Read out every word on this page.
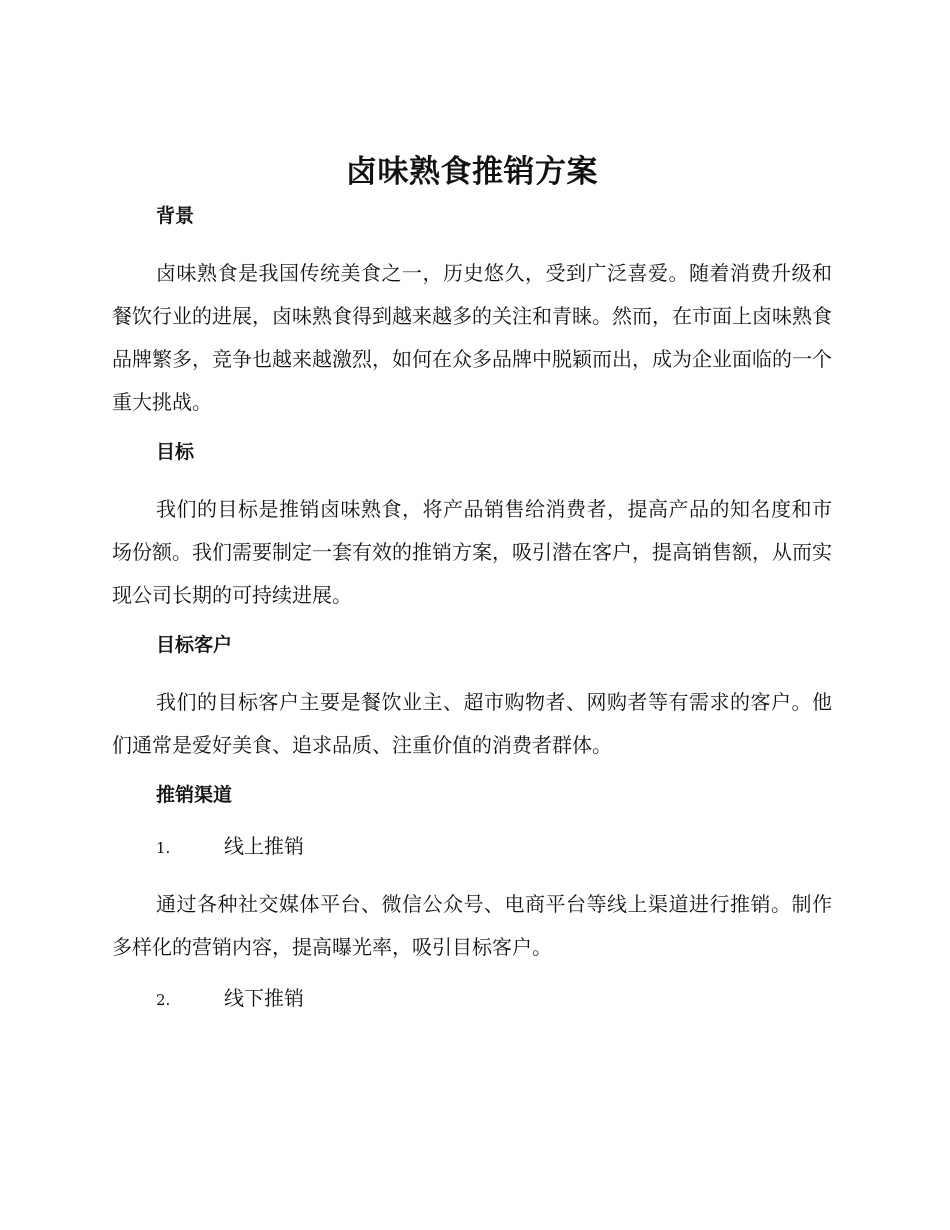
卤味熟食推销方案
背景

卤味熟食是我国传统美食之一，历史悠久，受到广泛喜爱。随着消费升级和餐饮行业的进展，卤味熟食得到越来越多的关注和青睐。然而，在市面上卤味熟食品牌繁多，竞争也越来越激烈，如何在众多品牌中脱颖而出，成为企业面临的一个重大挑战。

目标

我们的目标是推销卤味熟食，将产品销售给消费者，提高产品的知名度和市场份额。我们需要制定一套有效的推销方案，吸引潜在客户，提高销售额，从而实现公司长期的可持续进展。

目标客户

我们的目标客户主要是餐饮业主、超市购物者、网购者等有需求的客户。他们通常是爱好美食、追求品质、注重价值的消费者群体。

推销渠道
1.	线上推销

通过各种社交媒体平台、微信公众号、电商平台等线上渠道进行推销。制作多样化的营销内容，提高曝光率，吸引目标客户。

2.	线下推销
